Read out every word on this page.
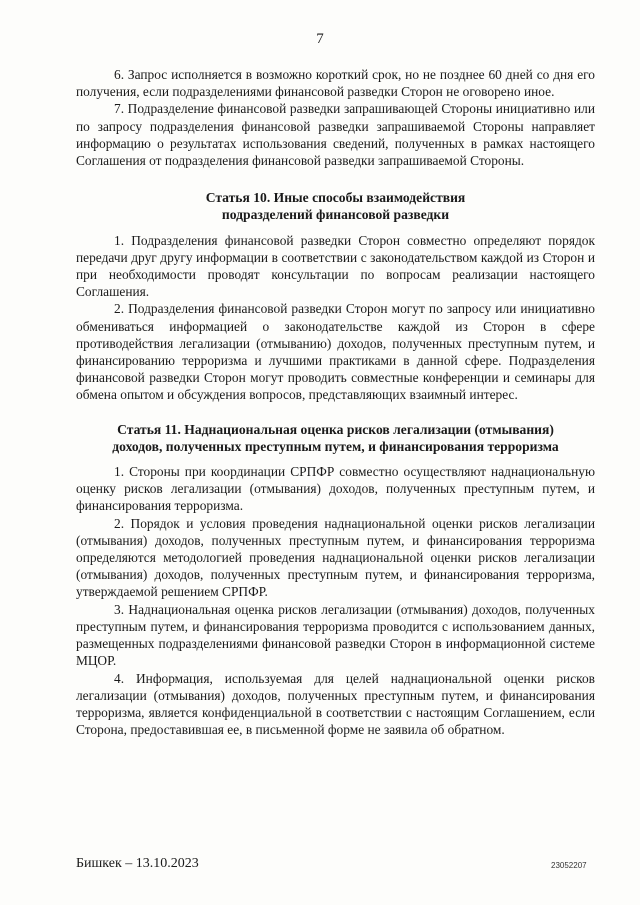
7

6. Запрос исполняется в возможно короткий срок, но не позднее 60 дней со дня его получения, если подразделениями финансовой разведки Сторон не оговорено иное.

7. Подразделение финансовой разведки запрашивающей Стороны инициативно или по запросу подразделения финансовой разведки запрашиваемой Стороны направляет информацию о результатах использования сведений, полученных в рамках настоящего Соглашения от подразделения финансовой разведки запрашиваемой Стороны.

Статья 10. Иные способы взаимодействия
подразделений финансовой разведки

1. Подразделения финансовой разведки Сторон совместно определяют порядок передачи друг другу информации в соответствии с законодательством каждой из Сторон и при необходимости проводят консультации по вопросам реализации настоящего Соглашения.

2. Подразделения финансовой разведки Сторон могут по запросу или инициативно обмениваться информацией о законодательстве каждой из Сторон в сфере противодействия легализации (отмыванию) доходов, полученных преступным путем, и финансированию терроризма и лучшими практиками в данной сфере. Подразделения финансовой разведки Сторон могут проводить совместные конференции и семинары для обмена опытом и обсуждения вопросов, представляющих взаимный интерес.

Статья 11. Наднациональная оценка рисков легализации (отмывания)
доходов, полученных преступным путем, и финансирования терроризма

1. Стороны при координации СРПФР совместно осуществляют наднациональную оценку рисков легализации (отмывания) доходов, полученных преступным путем, и финансирования терроризма.

2. Порядок и условия проведения наднациональной оценки рисков легализации (отмывания) доходов, полученных преступным путем, и финансирования терроризма определяются методологией проведения наднациональной оценки рисков легализации (отмывания) доходов, полученных преступным путем, и финансирования терроризма, утверждаемой решением СРПФР.

3. Наднациональная оценка рисков легализации (отмывания) доходов, полученных преступным путем, и финансирования терроризма проводится с использованием данных, размещенных подразделениями финансовой разведки Сторон в информационной системе МЦОР.

4. Информация, используемая для целей наднациональной оценки рисков легализации (отмывания) доходов, полученных преступным путем, и финансирования терроризма, является конфиденциальной в соответствии с настоящим Соглашением, если Сторона, предоставившая ее, в письменной форме не заявила об обратном.

Бишкек – 13.10.2023	23052207
